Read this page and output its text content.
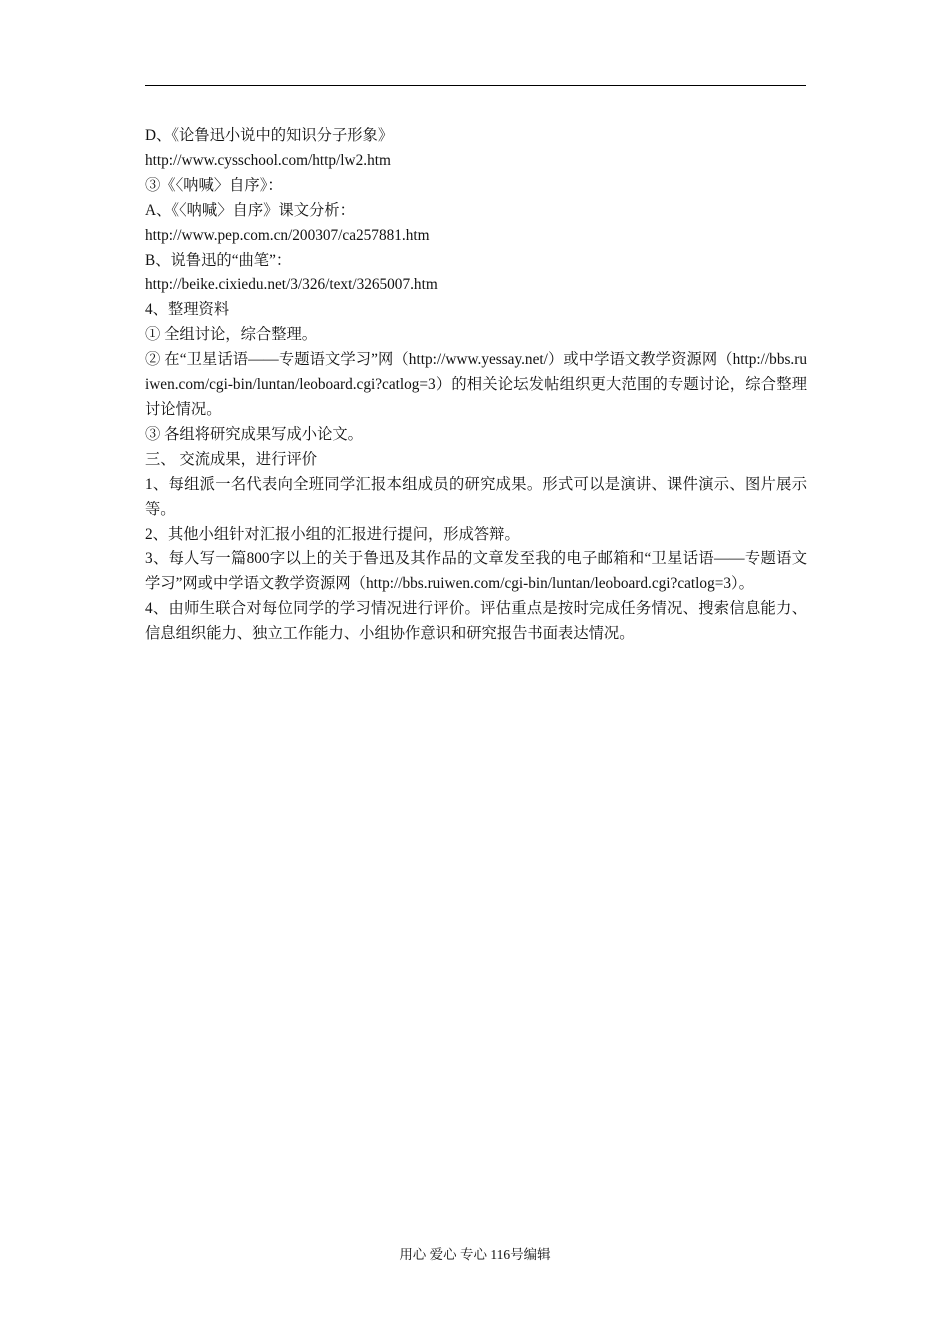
D、《论鲁迅小说中的知识分子形象》

http://www.cysschool.com/http/lw2.htm

③《〈呐喊〉自序》：

A、《〈呐喊〉自序》课文分析：

http://www.pep.com.cn/200307/ca257881.htm

B、说鲁迅的“曲笔”：

http://beike.cixiedu.net/3/326/text/3265007.htm

4、整理资料

① 全组讨论，综合整理。

② 在“卫星话语——专题语文学习”网（http://www.yessay.net/）或中学语文教学资源网（http://bbs.ruiwen.com/cgi-bin/luntan/leoboard.cgi?catlog=3）的相关论坛发帖组织更大范围的专题讨论，综合整理讨论情况。

③ 各组将研究成果写成小论文。

三、 交流成果，进行评价

1、每组派一名代表向全班同学汇报本组成员的研究成果。形式可以是演讲、课件演示、图片展示等。

2、其他小组针对汇报小组的汇报进行提问，形成答辩。

3、每人写一篇800字以上的关于鲁迅及其作品的文章发至我的电子邮箱和“卫星话语——专题语文学习”网或中学语文教学资源网（http://bbs.ruiwen.com/cgi-bin/luntan/leoboard.cgi?catlog=3）。

4、由师生联合对每位同学的学习情况进行评价。评估重点是按时完成任务情况、搜索信息能力、信息组织能力、独立工作能力、小组协作意识和研究报告书面表达情况。

用心 爱心 专心 116号编辑
